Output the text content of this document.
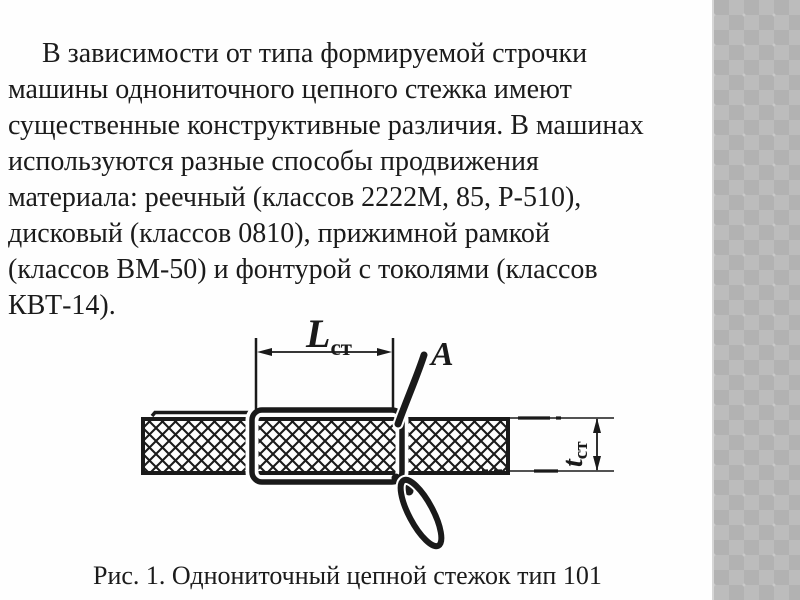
В зависимости от типа формируемой строчки
машины однониточного цепного стежка имеют
существенные конструктивные различия. В машинах
используются разные способы продвижения
материала: реечный (классов 2222М, 85, Р-510),
дисковый (классов 0810), прижимной рамкой
(классов ВМ-50) и фонтурой с токолями (классов
КВТ-14).
Lст A
tст
Рис. 1. Однониточный цепной стежок тип 101
